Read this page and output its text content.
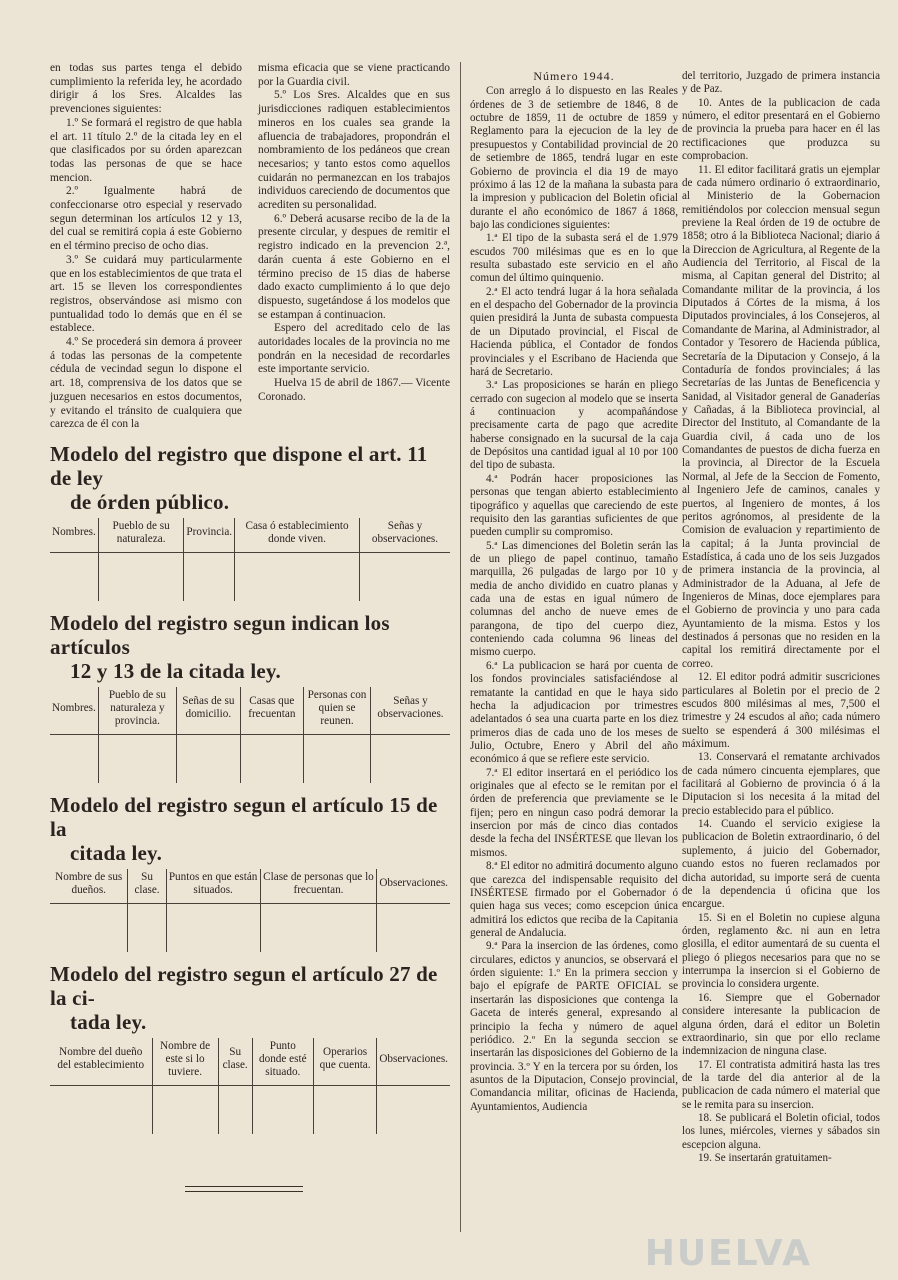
en todas sus partes tenga el debido cumplimiento la referida ley, he acordado dirigir á los Sres. Alcaldes las prevenciones siguientes:

1.º Se formará el registro de que habla el art. 11 título 2.º de la citada ley en el que clasificados por su órden aparezcan todas las personas de que se hace mencion.

2.º Igualmente habrá de confeccionarse otro especial y reservado segun determinan los artículos 12 y 13, del cual se remitirá copia á este Gobierno en el término preciso de ocho dias.

3.º Se cuidará muy particularmente que en los establecimientos de que trata el art. 15 se lleven los correspondientes registros, observándose asi mismo con puntualidad todo lo demás que en él se establece.

4.º Se procederá sin demora á proveer á todas las personas de la competente cédula de vecindad segun lo dispone el art. 18, comprensiva de los datos que se juzguen necesarios en estos documentos, y evitando el tránsito de cualquiera que carezca de él con la

misma eficacia que se viene practicando por la Guardia civil.

5.º Los Sres. Alcaldes que en sus jurisdicciones radiquen establecimientos mineros en los cuales sea grande la afluencia de trabajadores, propondrán el nombramiento de los pedáneos que crean necesarios; y tanto estos como aquellos cuidarán no permanezcan en los trabajos individuos careciendo de documentos que acrediten su personalidad.

6.º Deberá acusarse recibo de la de la presente circular, y despues de remitir el registro indicado en la prevencion 2.ª, darán cuenta á este Gobierno en el término preciso de 15 dias de haberse dado exacto cumplimiento á lo que dejo dispuesto, sugetándose á los modelos que se estampan á continuacion.

Espero del acreditado celo de las autoridades locales de la provincia no me pondrán en la necesidad de recordarles este importante servicio.

Huelva 15 de abril de 1867.— Vicente Coronado.

Modelo del registro que dispone el art. 11 de ley
de órden público.
Nombres.	Pueblo de su naturaleza.	Provincia.	Casa ó establecimiento donde viven.	Señas y observaciones.

Modelo del registro segun indican los artículos
12 y 13 de la citada ley.
Nombres.	Pueblo de su naturaleza y provincia.	Señas de su domicilio.	Casas que frecuentan	Personas con quien se reunen.	Señas y observaciones.

Modelo del registro segun el artículo 15 de la
citada ley.
Nombre de sus dueños.	Su clase.	Puntos en que están situados.	Clase de personas que lo frecuentan.	Observaciones.

Modelo del registro segun el artículo 27 de la ci-
tada ley.
Nombre del dueño del establecimiento	Nombre de este si lo tuviere.	Su clase.	Punto donde esté situado.	Operarios que cuenta.	Observaciones.

Número 1944.

Con arreglo á lo dispuesto en las Reales órdenes de 3 de setiembre de 1846, 8 de octubre de 1859, 11 de octubre de 1859 y Reglamento para la ejecucion de la ley de presupuestos y Contabilidad provincial de 20 de setiembre de 1865, tendrá lugar en este Gobierno de provincia el dia 19 de mayo próximo á las 12 de la mañana la subasta para la impresion y publicacion del Boletin oficial durante el año económico de 1867 á 1868, bajo las condiciones siguientes:

1.ª El tipo de la subasta será el de 1.979 escudos 700 milésimas que es en lo que resulta subastado este servicio en el año comun del último quinquenio.

2.ª El acto tendrá lugar á la hora señalada en el despacho del Gobernador de la provincia quien presidirá la Junta de subasta compuesta de un Diputado provincial, el Fiscal de Hacienda pública, el Contador de fondos provinciales y el Escribano de Hacienda que hará de Secretario.

3.ª Las proposiciones se harán en pliego cerrado con sugecion al modelo que se inserta á continuacion y acompañándose precisamente carta de pago que acredite haberse consignado en la sucursal de la caja de Depósitos una cantidad igual al 10 por 100 del tipo de subasta.

4.ª Podrán hacer proposiciones las personas que tengan abierto establecimiento tipográfico y aquellas que careciendo de este requisito den las garantias suficientes de que pueden cumplir su compromiso.

5.ª Las dimenciones del Boletin serán las de un pliego de papel continuo, tamaño marquilla, 26 pulgadas de largo por 10 y media de ancho dividido en cuatro planas y cada una de estas en igual número de columnas del ancho de nueve emes de parangona, de tipo del cuerpo diez, conteniendo cada columna 96 lineas del mismo cuerpo.

6.ª La publicacion se hará por cuenta de los fondos provinciales satisfaciéndose al rematante la cantidad en que le haya sido hecha la adjudicacion por trimestres adelantados ó sea una cuarta parte en los diez primeros dias de cada uno de los meses de Julio, Octubre, Enero y Abril del año económico á que se refiere este servicio.

7.ª El editor insertará en el periódico los originales que al efecto se le remitan por el órden de preferencia que previamente se le fijen; pero en ningun caso podrá demorar la insercion por más de cinco dias contados desde la fecha del INSÉRTESE que llevan los mismos.

8.ª El editor no admitirá documento alguno que carezca del indispensable requisito del INSÉRTESE firmado por el Gobernador ó quien haga sus veces; como escepcion única admitirá los edictos que reciba de la Capitania general de Andalucia.

9.ª Para la insercion de las órdenes, como circulares, edictos y anuncios, se observará el órden siguiente: 1.º En la primera seccion y bajo el epígrafe de PARTE OFICIAL se insertarán las disposiciones que contenga la Gaceta de interés general, expresando al principio la fecha y número de aquel periódico. 2.º En la segunda seccion se insertarán las disposiciones del Gobierno de la provincia. 3.º Y en la tercera por su órden, los asuntos de la Diputacion, Consejo provincial, Comandancia militar, oficinas de Hacienda, Ayuntamientos, Audiencia

del territorio, Juzgado de primera instancia y de Paz.

10. Antes de la publicacion de cada número, el editor presentará en el Gobierno de provincia la prueba para hacer en él las rectificaciones que produzca su comprobacion.

11. El editor facilitará gratis un ejemplar de cada número ordinario ó extraordinario, al Ministerio de la Gobernacion remitiéndolos por coleccion mensual segun previene la Real órden de 19 de octubre de 1858; otro á la Biblioteca Nacional; diario á la Direccion de Agricultura, al Regente de la Audiencia del Territorio, al Fiscal de la misma, al Capitan general del Distrito; al Comandante militar de la provincia, á los Diputados á Córtes de la misma, á los Diputados provinciales, á los Consejeros, al Comandante de Marina, al Administrador, al Contador y Tesorero de Hacienda pública, Secretaría de la Diputacion y Consejo, á la Contaduría de fondos provinciales; á las Secretarías de las Juntas de Beneficencia y Sanidad, al Visitador general de Ganaderías y Cañadas, á la Biblioteca provincial, al Director del Instituto, al Comandante de la Guardia civil, á cada uno de los Comandantes de puestos de dicha fuerza en la provincia, al Director de la Escuela Normal, al Jefe de la Seccion de Fomento, al Ingeniero Jefe de caminos, canales y puertos, al Ingeniero de montes, á los peritos agrónomos, al presidente de la Comision de evaluacion y repartimiento de la capital; á la Junta provincial de Estadística, á cada uno de los seis Juzgados de primera instancia de la provincia, al Administrador de la Aduana, al Jefe de Ingenieros de Minas, doce ejemplares para el Gobierno de provincia y uno para cada Ayuntamiento de la misma. Estos y los destinados á personas que no residen en la capital los remitirá directamente por el correo.

12. El editor podrá admitir suscriciones particulares al Boletin por el precio de 2 escudos 800 milésimas al mes, 7,500 el trimestre y 24 escudos al año; cada número suelto se espenderá á 300 milésimas el máximum.

13. Conservará el rematante archivados de cada número cincuenta ejemplares, que facilitará al Gobierno de provincia ó á la Diputacion si los necesita á la mitad del precio establecido para el público.

14. Cuando el servicio exigiese la publicacion de Boletin extraordinario, ó del suplemento, á juicio del Gobernador, cuando estos no fueren reclamados por dicha autoridad, su importe será de cuenta de la dependencia ú oficina que los encargue.

15. Si en el Boletin no cupiese alguna órden, reglamento &c. ni aun en letra glosilla, el editor aumentará de su cuenta el pliego ó pliegos necesarios para que no se interrumpa la insercion si el Gobierno de provincia lo considera urgente.

16. Siempre que el Gobernador considere interesante la publicacion de alguna órden, dará el editor un Boletin extraordinario, sin que por ello reclame indemnizacion de ninguna clase.

17. El contratista admitirá hasta las tres de la tarde del dia anterior al de la publicacion de cada número el material que se le remita para su insercion.

18. Se publicará el Boletin oficial, todos los lunes, miércoles, viernes y sábados sin escepcion alguna.

19. Se insertarán gratuitamen-

HUELVA
